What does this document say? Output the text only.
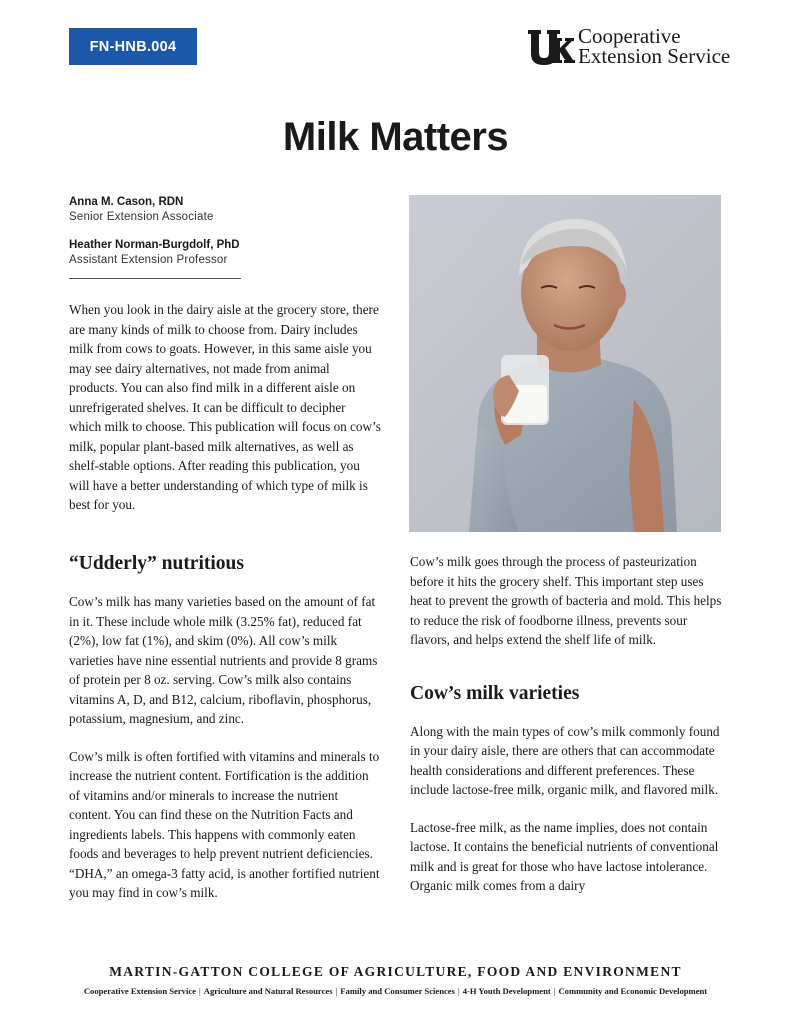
FN-HNB.004	Cooperative
Extension Service
Milk Matters
Anna M. Cason, RDN
Senior Extension Associate
Heather Norman-Burgdolf, PhD
Assistant Extension Professor

When you look in the dairy aisle at the grocery store, there are many kinds of milk to choose from. Dairy includes milk from cows to goats. However, in this same aisle you may see dairy alternatives, not made from animal products. You can also find milk in a different aisle on unrefrigerated shelves. It can be difficult to decipher which milk to choose. This publication will focus on cow’s milk, popular plant-based milk alternatives, as well as shelf-stable options. After reading this publication, you will have a better understanding of which type of milk is best for you.

“Udderly” nutritious

Cow’s milk has many varieties based on the amount of fat in it. These include whole milk (3.25% fat), reduced fat (2%), low fat (1%), and skim (0%). All cow’s milk varieties have nine essential nutrients and provide 8 grams of protein per 8 oz. serving. Cow’s milk also contains vitamins A, D, and B12, calcium, riboflavin, phosphorus, potassium, magnesium, and zinc.

Cow’s milk is often fortified with vitamins and minerals to increase the nutrient content. Fortification is the addition of vitamins and/or minerals to increase the nutrient content. You can find these on the Nutrition Facts and ingredients labels. This happens with commonly eaten foods and beverages to help prevent nutrient deficiencies. “DHA,” an omega-3 fatty acid, is another fortified nutrient you may find in cow’s milk.

Cow’s milk goes through the process of pasteurization before it hits the grocery shelf. This important step uses heat to prevent the growth of bacteria and mold. This helps to reduce the risk of foodborne illness, prevents sour flavors, and helps extend the shelf life of milk.

Cow’s milk varieties

Along with the main types of cow’s milk commonly found in your dairy aisle, there are others that can accommodate health considerations and different preferences. These include lactose-free milk, organic milk, and flavored milk.

Lactose-free milk, as the name implies, does not contain lactose. It contains the beneficial nutrients of conventional milk and is great for those who have lactose intolerance. Organic milk comes from a dairy

MARTIN-GATTON COLLEGE OF AGRICULTURE, FOOD AND ENVIRONMENT
Cooperative Extension Service | Agriculture and Natural Resources | Family and Consumer Sciences | 4-H Youth Development | Community and Economic Development
